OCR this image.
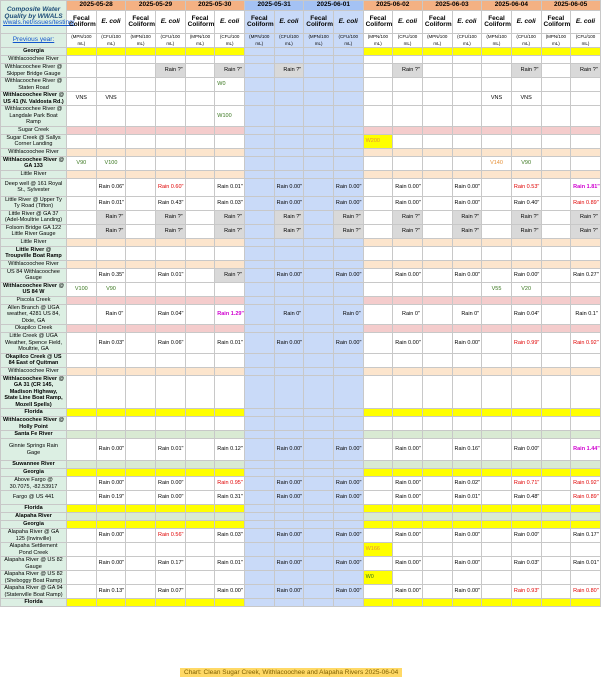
Composite Water Quality by WWALS
wwals.net/issues/testing/	2025-05-28		2025-05-29		2025-05-30		2025-05-31		2025-06-01		2025-06-02		2025-06-03		2025-06-04		2025-06-05	
	Fecal Coliform	E. coli	Fecal Coliform	E. coli	Fecal Coliform	E. coli	Fecal Coliform	E. coli	Fecal Coliform	E. coli	Fecal Coliform	E. coli	Fecal Coliform	E. coli	Fecal Coliform	E. coli	Fecal Coliform	E. coli
Previous year:	(MPN/100 mL)	(CFU/100 mL)	(MPN/100 mL)	(CFU/100 mL)	(MPN/100 mL)	(CFU/100 mL)	(MPN/100 mL)	(CFU/100 mL)	(MPN/100 mL)	(CFU/100 mL)	(MPN/100 mL)	(CFU/100 mL)	(MPN/100 mL)	(CFU/100 mL)	(MPN/100 mL)	(CFU/100 mL)	(MPN/100 mL)	(CFU/100 mL)
Georgia																		
Withlacoochee River																		
Withlacoochee River @ Skipper Bridge Gauge				Rain ?"		Rain ?"		Rain ?"				Rain ?"				Rain ?"		Rain ?"
Withlacoochee River @ Staten Road						W0												
Withlacoochee River @ US 41 (N. Valdosta Rd.)	VNS	VNS													VNS	VNS		
Withlacoochee River @ Langdale Park Boat Ramp						W100												
Sugar Creek																		
Sugar Creek @ Sallys Corner Landing											W200							
Withlacoochee River																		
Withlacoochee River @ GA 133	V90	V100													V140	V90		
Little River																		
Deep well @ 161 Royal St., Sylvester		Rain 0.06"		Rain 0.60"		Rain 0.01"		Rain 0.00"		Rain 0.00"		Rain 0.00"		Rain 0.00"		Rain 0.53"		Rain 1.81"
Little River @ Upper Ty Ty Road (Tifton)		Rain 0.01"		Rain 0.43"		Rain 0.03"		Rain 0.00"		Rain 0.00"		Rain 0.00"		Rain 0.00"		Rain 0.40"		Rain 0.89"
Little River @ GA 37 (Adel-Moultrie Landing)		Rain ?"		Rain ?"		Rain ?"		Rain ?"		Rain ?"		Rain ?"		Rain ?"		Rain ?"		Rain ?"
Folsom Bridge GA 122 Little River Gauge		Rain ?"		Rain ?"		Rain ?"		Rain ?"		Rain ?"		Rain ?"		Rain ?"		Rain ?"		Rain ?"
Little River																		
Little River @ Troupville Boat Ramp																		
Withlacoochee River																		
US 84 Withlacoochee Gauge		Rain 0.35"		Rain 0.01"		Rain ?"		Rain 0.00"		Rain 0.00"		Rain 0.00"		Rain 0.00"		Rain 0.00"		Rain 0.27"
Withlacoochee River @ US 84 W	V100	V90													V55	V20		
Piscola Creek																		
Allen Branch @ UGA weather, 4281 US 84, Dixie, GA		Rain 0"		Rain 0.04"		Rain 1.29"		Rain 0"		Rain 0"		Rain 0"		Rain 0"		Rain 0.04"		Rain 0.1"
Okapilco Creek																		
Little Creek @ UGA Weather, Spence Field, Moultrie, GA		Rain 0.03"		Rain 0.06"		Rain 0.01"		Rain 0.00"		Rain 0.00"		Rain 0.00"		Rain 0.00"		Rain 0.99"		Rain 0.92"
Okapilco Creek @ US 84 East of Quitman																		
Withlacoochee River																		
Withlacoochee River @ GA 31 (CR 145, Madison Highway, State Line Boat Ramp, Mozell Spells)																		
Florida																		
Withlacoochee River @ Holly Point																		
Santa Fe River																		
Ginnie Springs Rain Gage		Rain 0.00"		Rain 0.01"		Rain 0.12"		Rain 0.00"		Rain 0.00"		Rain 0.00"		Rain 0.16"		Rain 0.00"		Rain 1.44"
Suwannee River																		
Georgia																		
Above Fargo @ 30.7075, -82.53917		Rain 0.00"		Rain 0.00"		Rain 0.95"		Rain 0.00"		Rain 0.00"		Rain 0.00"		Rain 0.02"		Rain 0.71"		Rain 0.92"
Fargo @ US 441		Rain 0.19"		Rain 0.00"		Rain 0.31"		Rain 0.00"		Rain 0.00"		Rain 0.00"		Rain 0.01"		Rain 0.48"		Rain 0.89"
Florida																		
Alapaha River																		
Georgia																		
Alapaha River @ GA 125 (Irwinville)		Rain 0.00"		Rain 0.56"		Rain 0.03"		Rain 0.00"		Rain 0.00"		Rain 0.00"		Rain 0.00"		Rain 0.00"		Rain 0.17"
Alapaha Settlement Pond Creek											W166							
Alapaha River @ US 82 Gauge		Rain 0.00"		Rain 0.17"		Rain 0.01"		Rain 0.00"		Rain 0.00"		Rain 0.00"		Rain 0.00"		Rain 0.03"		Rain 0.01"
Alapaha River @ US 82 (Sheboggy Boat Ramp)											W0							
Alapaha River @ GA 94 (Statenville Boat Ramp)		Rain 0.13"		Rain 0.07"		Rain 0.00"		Rain 0.00"		Rain 0.00"		Rain 0.00"		Rain 0.00"		Rain 0.93"		Rain 0.80"
Florida																		
Chart: Clean Sugar Creek, Withlacoochee and Alapaha Rivers 2025-06-04
